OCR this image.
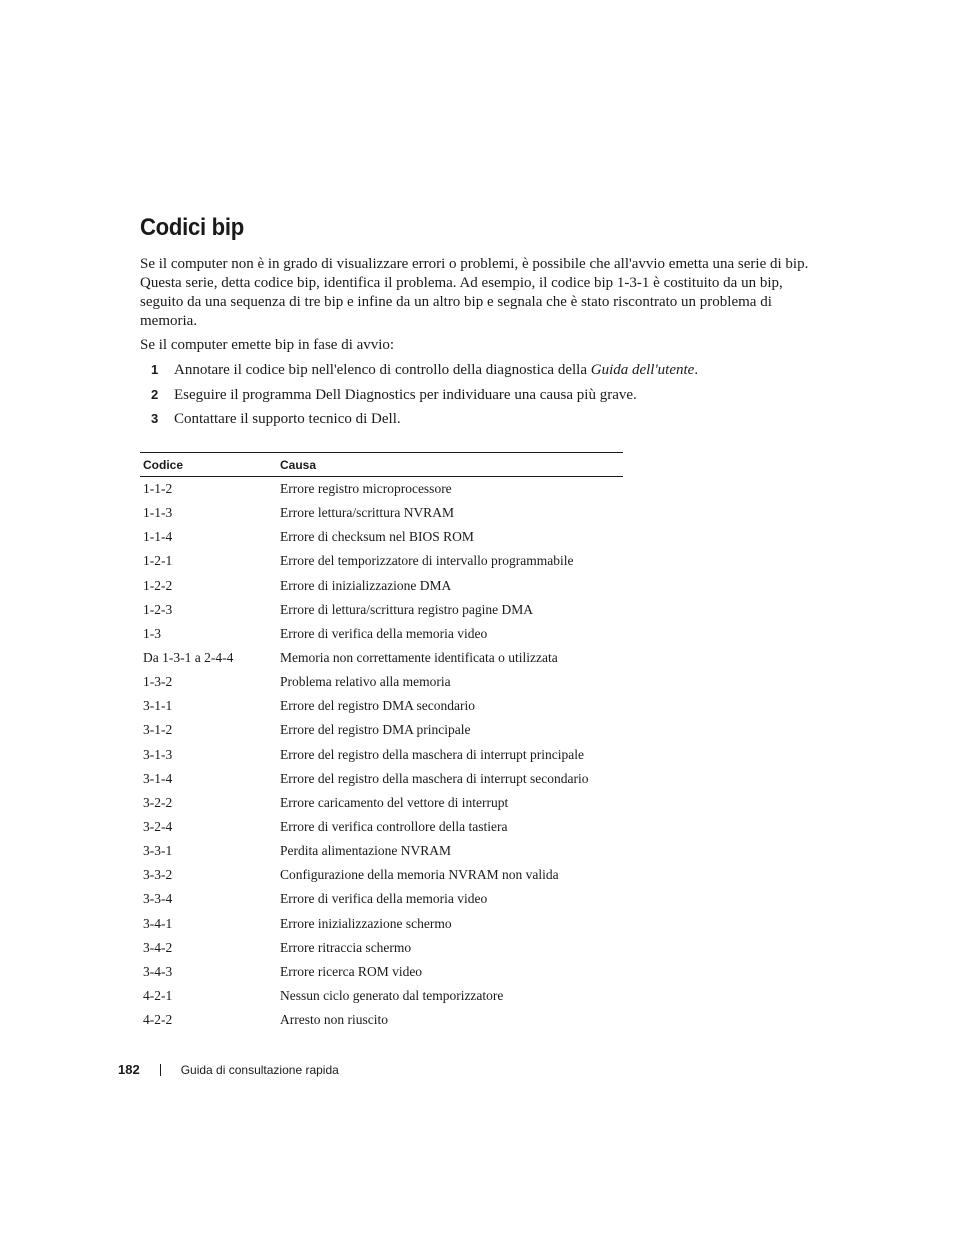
Codici bip

Se il computer non è in grado di visualizzare errori o problemi, è possibile che all'avvio emetta una serie di bip. Questa serie, detta codice bip, identifica il problema. Ad esempio, il codice bip 1-3-1 è costituito da un bip, seguito da una sequenza di tre bip e infine da un altro bip e segnala che è stato riscontrato un problema di memoria.

Se il computer emette bip in fase di avvio:

1 Annotare il codice bip nell'elenco di controllo della diagnostica della Guida dell'utente.
2 Eseguire il programma Dell Diagnostics per individuare una causa più grave.
3 Contattare il supporto tecnico di Dell.
Codice	Causa
1-1-2	Errore registro microprocessore
1-1-3	Errore lettura/scrittura NVRAM
1-1-4	Errore di checksum nel BIOS ROM
1-2-1	Errore del temporizzatore di intervallo programmabile
1-2-2	Errore di inizializzazione DMA
1-2-3	Errore di lettura/scrittura registro pagine DMA
1-3	Errore di verifica della memoria video
Da 1-3-1 a 2-4-4	Memoria non correttamente identificata o utilizzata
1-3-2	Problema relativo alla memoria
3-1-1	Errore del registro DMA secondario
3-1-2	Errore del registro DMA principale
3-1-3	Errore del registro della maschera di interrupt principale
3-1-4	Errore del registro della maschera di interrupt secondario
3-2-2	Errore caricamento del vettore di interrupt
3-2-4	Errore di verifica controllore della tastiera
3-3-1	Perdita alimentazione NVRAM
3-3-2	Configurazione della memoria NVRAM non valida
3-3-4	Errore di verifica della memoria video
3-4-1	Errore inizializzazione schermo
3-4-2	Errore ritraccia schermo
3-4-3	Errore ricerca ROM video
4-2-1	Nessun ciclo generato dal temporizzatore
4-2-2	Arresto non riuscito
182	Guida di consultazione rapida
